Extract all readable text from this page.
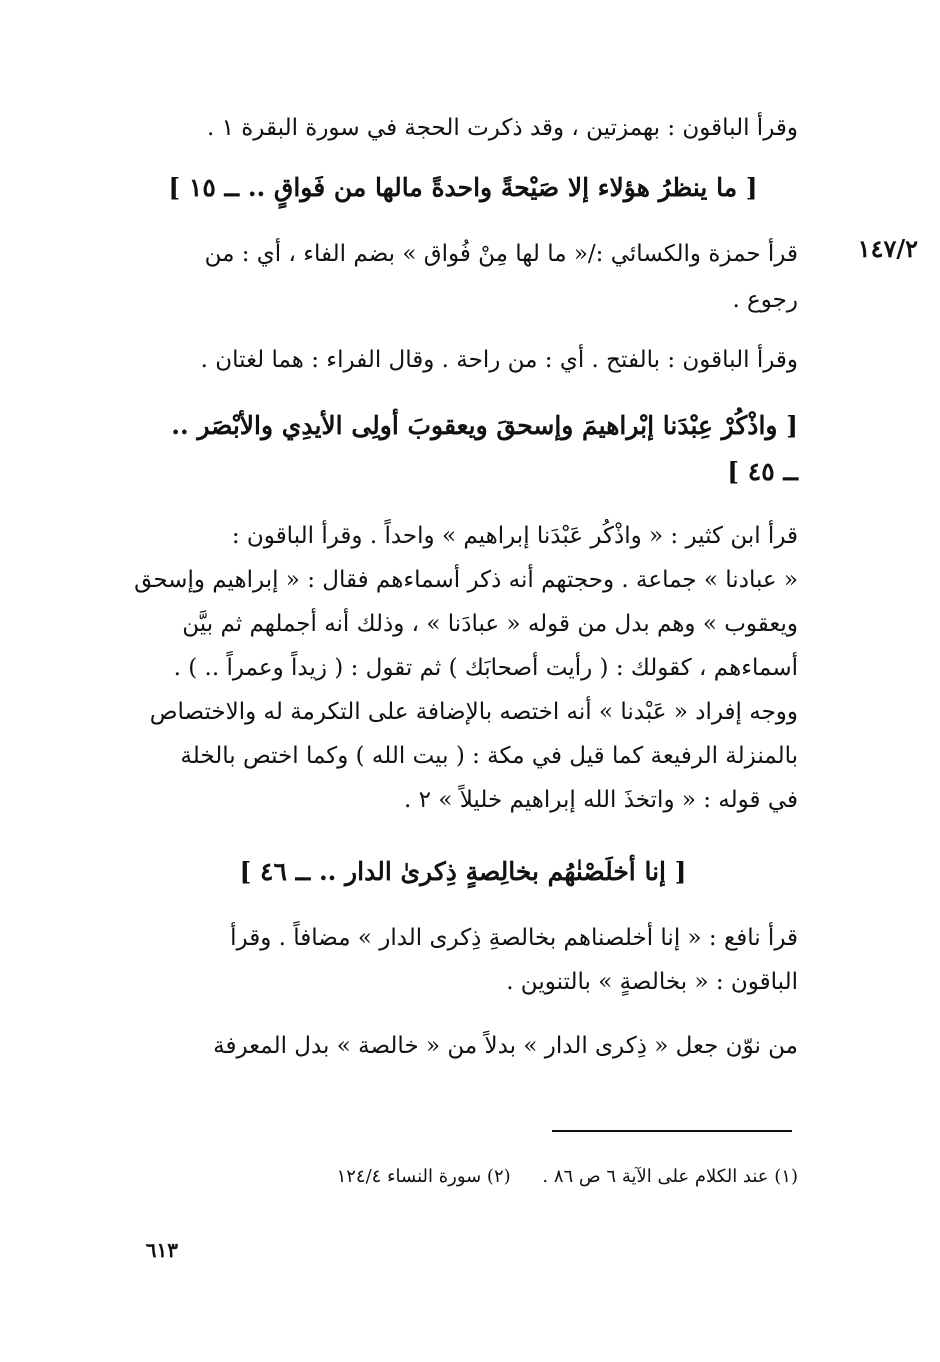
١٤٧/٢
وقرأ الباقون : بهمزتين ، وقد ذكرت الحجة في سورة البقرة ١ .
[ ما ينظرُ هؤلاء إلا صَيْحةً واحدةً مالها من فَواقٍ .. ــ ١٥ ]
قرأ حمزة والكسائي :/« ما لها مِنْ فُواق » بضم الفاء ، أي : من
رجوع .
وقرأ الباقون : بالفتح . أي : من راحة . وقال الفراء : هما لغتان .
[ واذْكُرْ عِبْدَنا إبْراهيمَ وإسحقَ ويعقوبَ أولِى الأيدِي والأبْصَر ..
ــ ٤٥ ]
قرأ ابن كثير : « واذْكُر عَبْدَنا إبراهيم » واحداً . وقرأ الباقون :
« عبادنا » جماعة . وحجتهم أنه ذكر أسماءهم فقال : « إبراهيم وإسحق
ويعقوب » وهم بدل من قوله « عبادَنا » ، وذلك أنه أجملهم ثم بيَّن
أسماءهم ، كقولك : ( رأيت أصحابَك ) ثم تقول : ( زيداً وعمراً .. ) .
ووجه إفراد « عَبْدنا » أنه اختصه بالإضافة على التكرمة له والاختصاص
بالمنزلة الرفيعة كما قيل في مكة : ( بيت الله ) وكما اختص بالخلة
في قوله : « واتخذَ الله إبراهيم خليلاً » ٢ .
[ إنا أخلَصْنٰهُم بخالِصةٍ ذِكرىٰ الدار .. ــ ٤٦ ]
قرأ نافع : « إنا أخلصناهم بخالصةِ ذِكرى الدار » مضافاً . وقرأ
الباقون : « بخالصةٍ » بالتنوين .
من نوّن جعل « ذِكرى الدار » بدلاً من « خالصة » بدل المعرفة
(١) عند الكلام على الآية ٦ ص ٨٦ . (٢) سورة النساء ١٢٤/٤
٦١٣
